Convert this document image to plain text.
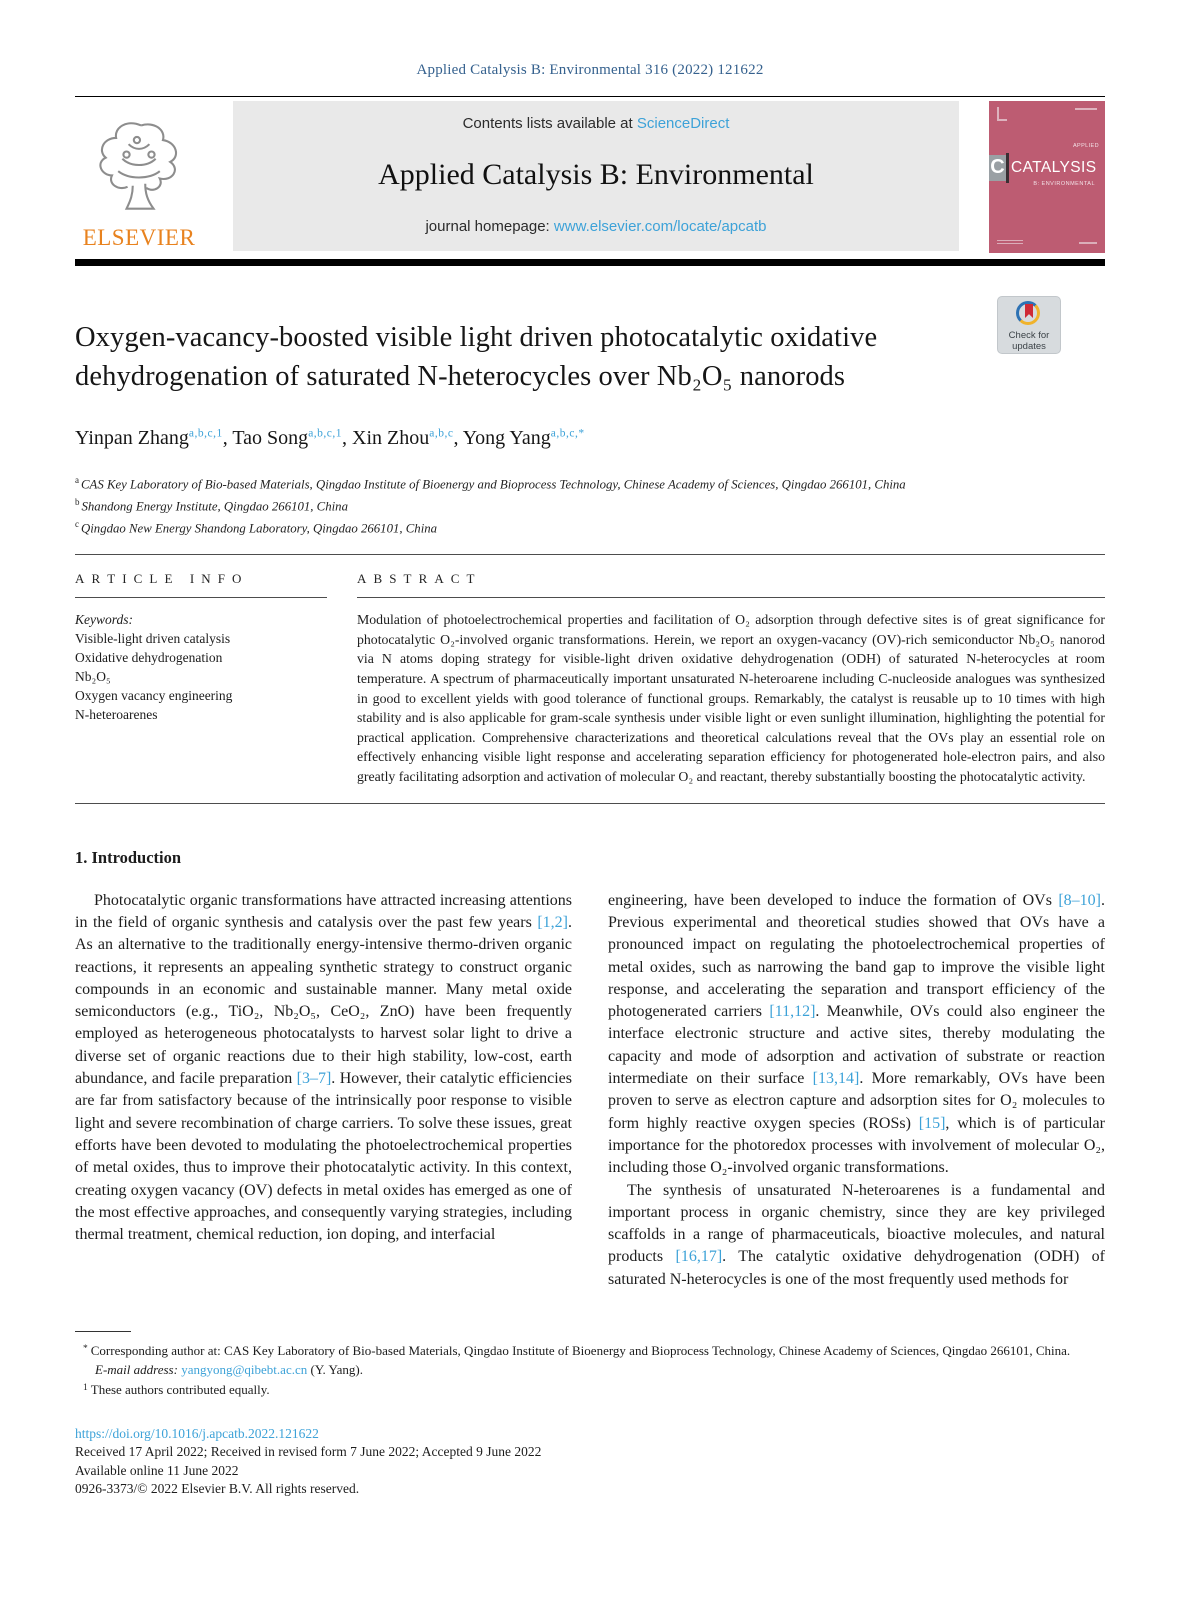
Applied Catalysis B: Environmental 316 (2022) 121622
ELSEVIER
Contents lists available at ScienceDirect
Applied Catalysis B: Environmental
journal homepage: www.elsevier.com/locate/apcatb
APPLIED
C CATALYSIS
B: ENVIRONMENTAL
Check for
updates
Oxygen-vacancy-boosted visible light driven photocatalytic oxidative dehydrogenation of saturated N-heterocycles over Nb₂O₅ nanorods
Yinpan Zhang$^{a,b,c,1}$, Tao Song$^{a,b,c,1}$, Xin Zhou$^{a,b,c}$, Yong Yang$^{a,b,c,*}$
$^a$ CAS Key Laboratory of Bio-based Materials, Qingdao Institute of Bioenergy and Bioprocess Technology, Chinese Academy of Sciences, Qingdao 266101, China
$^b$ Shandong Energy Institute, Qingdao 266101, China
$^c$ Qingdao New Energy Shandong Laboratory, Qingdao 266101, China
A R T I C L E   I N F O
Keywords:
Visible-light driven catalysis
Oxidative dehydrogenation
Nb₂O₅
Oxygen vacancy engineering
N-heteroarenes
A B S T R A C T
Modulation of photoelectrochemical properties and facilitation of O₂ adsorption through defective sites is of great significance for photocatalytic O₂-involved organic transformations. Herein, we report an oxygen-vacancy (OV)-rich semiconductor Nb₂O₅ nanorod via N atoms doping strategy for visible-light driven oxidative dehydrogenation (ODH) of saturated N-heterocycles at room temperature. A spectrum of pharmaceutically important unsaturated N-heteroarene including C-nucleoside analogues was synthesized in good to excellent yields with good tolerance of functional groups. Remarkably, the catalyst is reusable up to 10 times with high stability and is also applicable for gram-scale synthesis under visible light or even sunlight illumination, highlighting the potential for practical application. Comprehensive characterizations and theoretical calculations reveal that the OVs play an essential role on effectively enhancing visible light response and accelerating separation efficiency for photogenerated hole-electron pairs, and also greatly facilitating adsorption and activation of molecular O₂ and reactant, thereby substantially boosting the photocatalytic activity.
1. Introduction

Photocatalytic organic transformations have attracted increasing attentions in the field of organic synthesis and catalysis over the past few years [1,2]. As an alternative to the traditionally energy-intensive thermo-driven organic reactions, it represents an appealing synthetic strategy to construct organic compounds in an economic and sustainable manner. Many metal oxide semiconductors (e.g., TiO₂, Nb₂O₅, CeO₂, ZnO) have been frequently employed as heterogeneous photocatalysts to harvest solar light to drive a diverse set of organic reactions due to their high stability, low-cost, earth abundance, and facile preparation [3–7]. However, their catalytic efficiencies are far from satisfactory because of the intrinsically poor response to visible light and severe recombination of charge carriers. To solve these issues, great efforts have been devoted to modulating the photoelectrochemical properties of metal oxides, thus to improve their photocatalytic activity. In this context, creating oxygen vacancy (OV) defects in metal oxides has emerged as one of the most effective approaches, and consequently varying strategies, including thermal treatment, chemical reduction, ion doping, and interfacial

engineering, have been developed to induce the formation of OVs [8–10]. Previous experimental and theoretical studies showed that OVs have a pronounced impact on regulating the photoelectrochemical properties of metal oxides, such as narrowing the band gap to improve the visible light response, and accelerating the separation and transport efficiency of the photogenerated carriers [11,12]. Meanwhile, OVs could also engineer the interface electronic structure and active sites, thereby modulating the capacity and mode of adsorption and activation of substrate or reaction intermediate on their surface [13,14]. More remarkably, OVs have been proven to serve as electron capture and adsorption sites for O₂ molecules to form highly reactive oxygen species (ROSs) [15], which is of particular importance for the photoredox processes with involvement of molecular O₂, including those O₂-involved organic transformations.

The synthesis of unsaturated N-heteroarenes is a fundamental and important process in organic chemistry, since they are key privileged scaffolds in a range of pharmaceuticals, bioactive molecules, and natural products [16,17]. The catalytic oxidative dehydrogenation (ODH) of saturated N-heterocycles is one of the most frequently used methods for

* Corresponding author at: CAS Key Laboratory of Bio-based Materials, Qingdao Institute of Bioenergy and Bioprocess Technology, Chinese Academy of Sciences, Qingdao 266101, China.
E-mail address: yangyong@qibebt.ac.cn (Y. Yang).
$^1$ These authors contributed equally.
https://doi.org/10.1016/j.apcatb.2022.121622
Received 17 April 2022; Received in revised form 7 June 2022; Accepted 9 June 2022
Available online 11 June 2022
0926-3373/© 2022 Elsevier B.V. All rights reserved.
